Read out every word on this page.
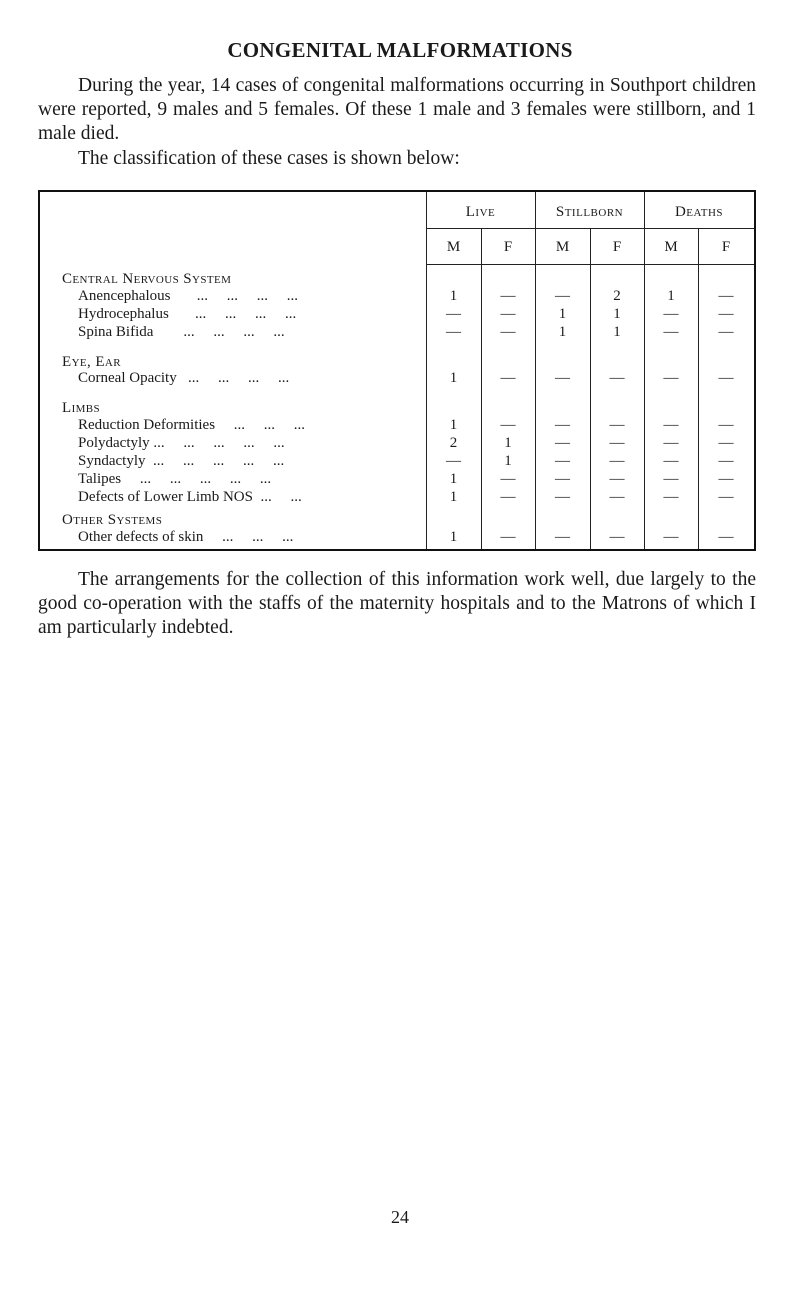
CONGENITAL MALFORMATIONS
During the year, 14 cases of congenital malformations occurring in Southport children were reported, 9 males and 5 females. Of these 1 male and 3 females were stillborn, and 1 male died.
The classification of these cases is shown below:
Live	Stillborn	Deaths
M	F	M	F	M	F
Central Nervous System
Anencephalous       ...     ...     ...     ...	1	—	—	2	1	—
Hydrocephalus       ...     ...     ...     ...	—	—	1	1	—	—
Spina Bifida        ...     ...     ...     ...	—	—	1	1	—	—
Eye, Ear
Corneal Opacity   ...     ...     ...     ...	1	—	—	—	—	—
Limbs
Reduction Deformities     ...     ...     ...	1	—	—	—	—	—
Polydactyly ...     ...     ...     ...     ...	2	1	—	—	—	—
Syndactyly  ...     ...     ...     ...     ...	—	1	—	—	—	—
Talipes     ...     ...     ...     ...     ...	1	—	—	—	—	—
Defects of Lower Limb NOS  ...     ...	1	—	—	—	—	—
Other Systems
Other defects of skin     ...     ...     ...	1	—	—	—	—	—
The arrangements for the collection of this information work well, due largely to the good co-operation with the staffs of the maternity hospitals and to the Matrons of which I am particularly indebted.
24
